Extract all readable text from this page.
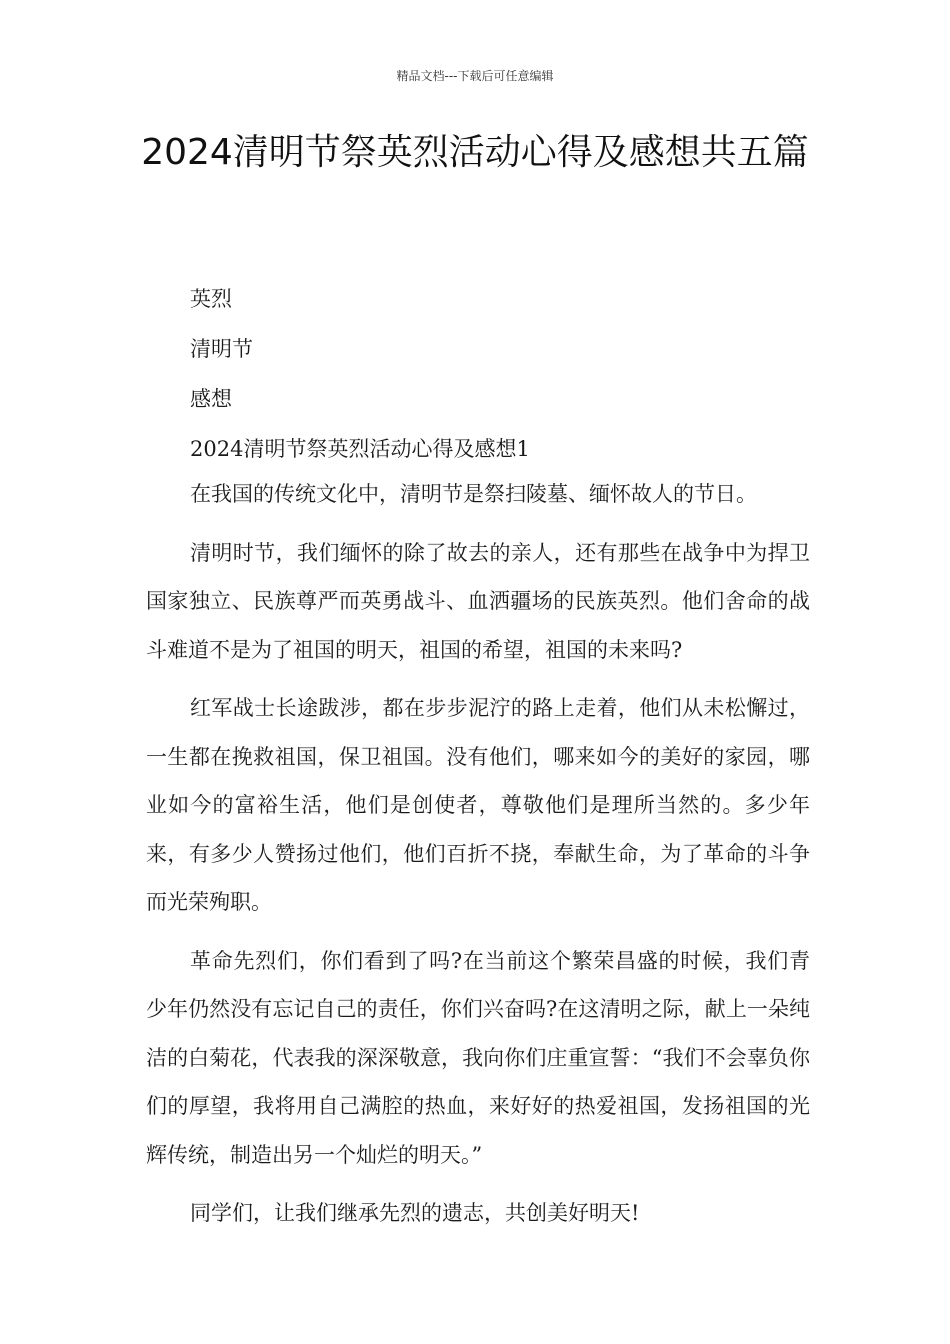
精品文档---下载后可任意编辑
2024清明节祭英烈活动心得及感想共五篇

英烈

清明节

感想

2024清明节祭英烈活动心得及感想1

在我国的传统文化中，清明节是祭扫陵墓、缅怀故人的节日。

清明时节，我们缅怀的除了故去的亲人，还有那些在战争中为捍卫国家独立、民族尊严而英勇战斗、血洒疆场的民族英烈。他们舍命的战斗难道不是为了祖国的明天，祖国的希望，祖国的未来吗?

红军战士长途跋涉，都在步步泥泞的路上走着，他们从未松懈过，一生都在挽救祖国，保卫祖国。没有他们，哪来如今的美好的家园，哪业如今的富裕生活，他们是创使者，尊敬他们是理所当然的。多少年来，有多少人赞扬过他们，他们百折不挠，奉献生命，为了革命的斗争而光荣殉职。

革命先烈们，你们看到了吗?在当前这个繁荣昌盛的时候，我们青少年仍然没有忘记自己的责任，你们兴奋吗?在这清明之际，献上一朵纯洁的白菊花，代表我的深深敬意，我向你们庄重宣誓：“我们不会辜负你们的厚望，我将用自己满腔的热血，来好好的热爱祖国，发扬祖国的光辉传统，制造出另一个灿烂的明天。”

同学们，让我们继承先烈的遗志，共创美好明天!
